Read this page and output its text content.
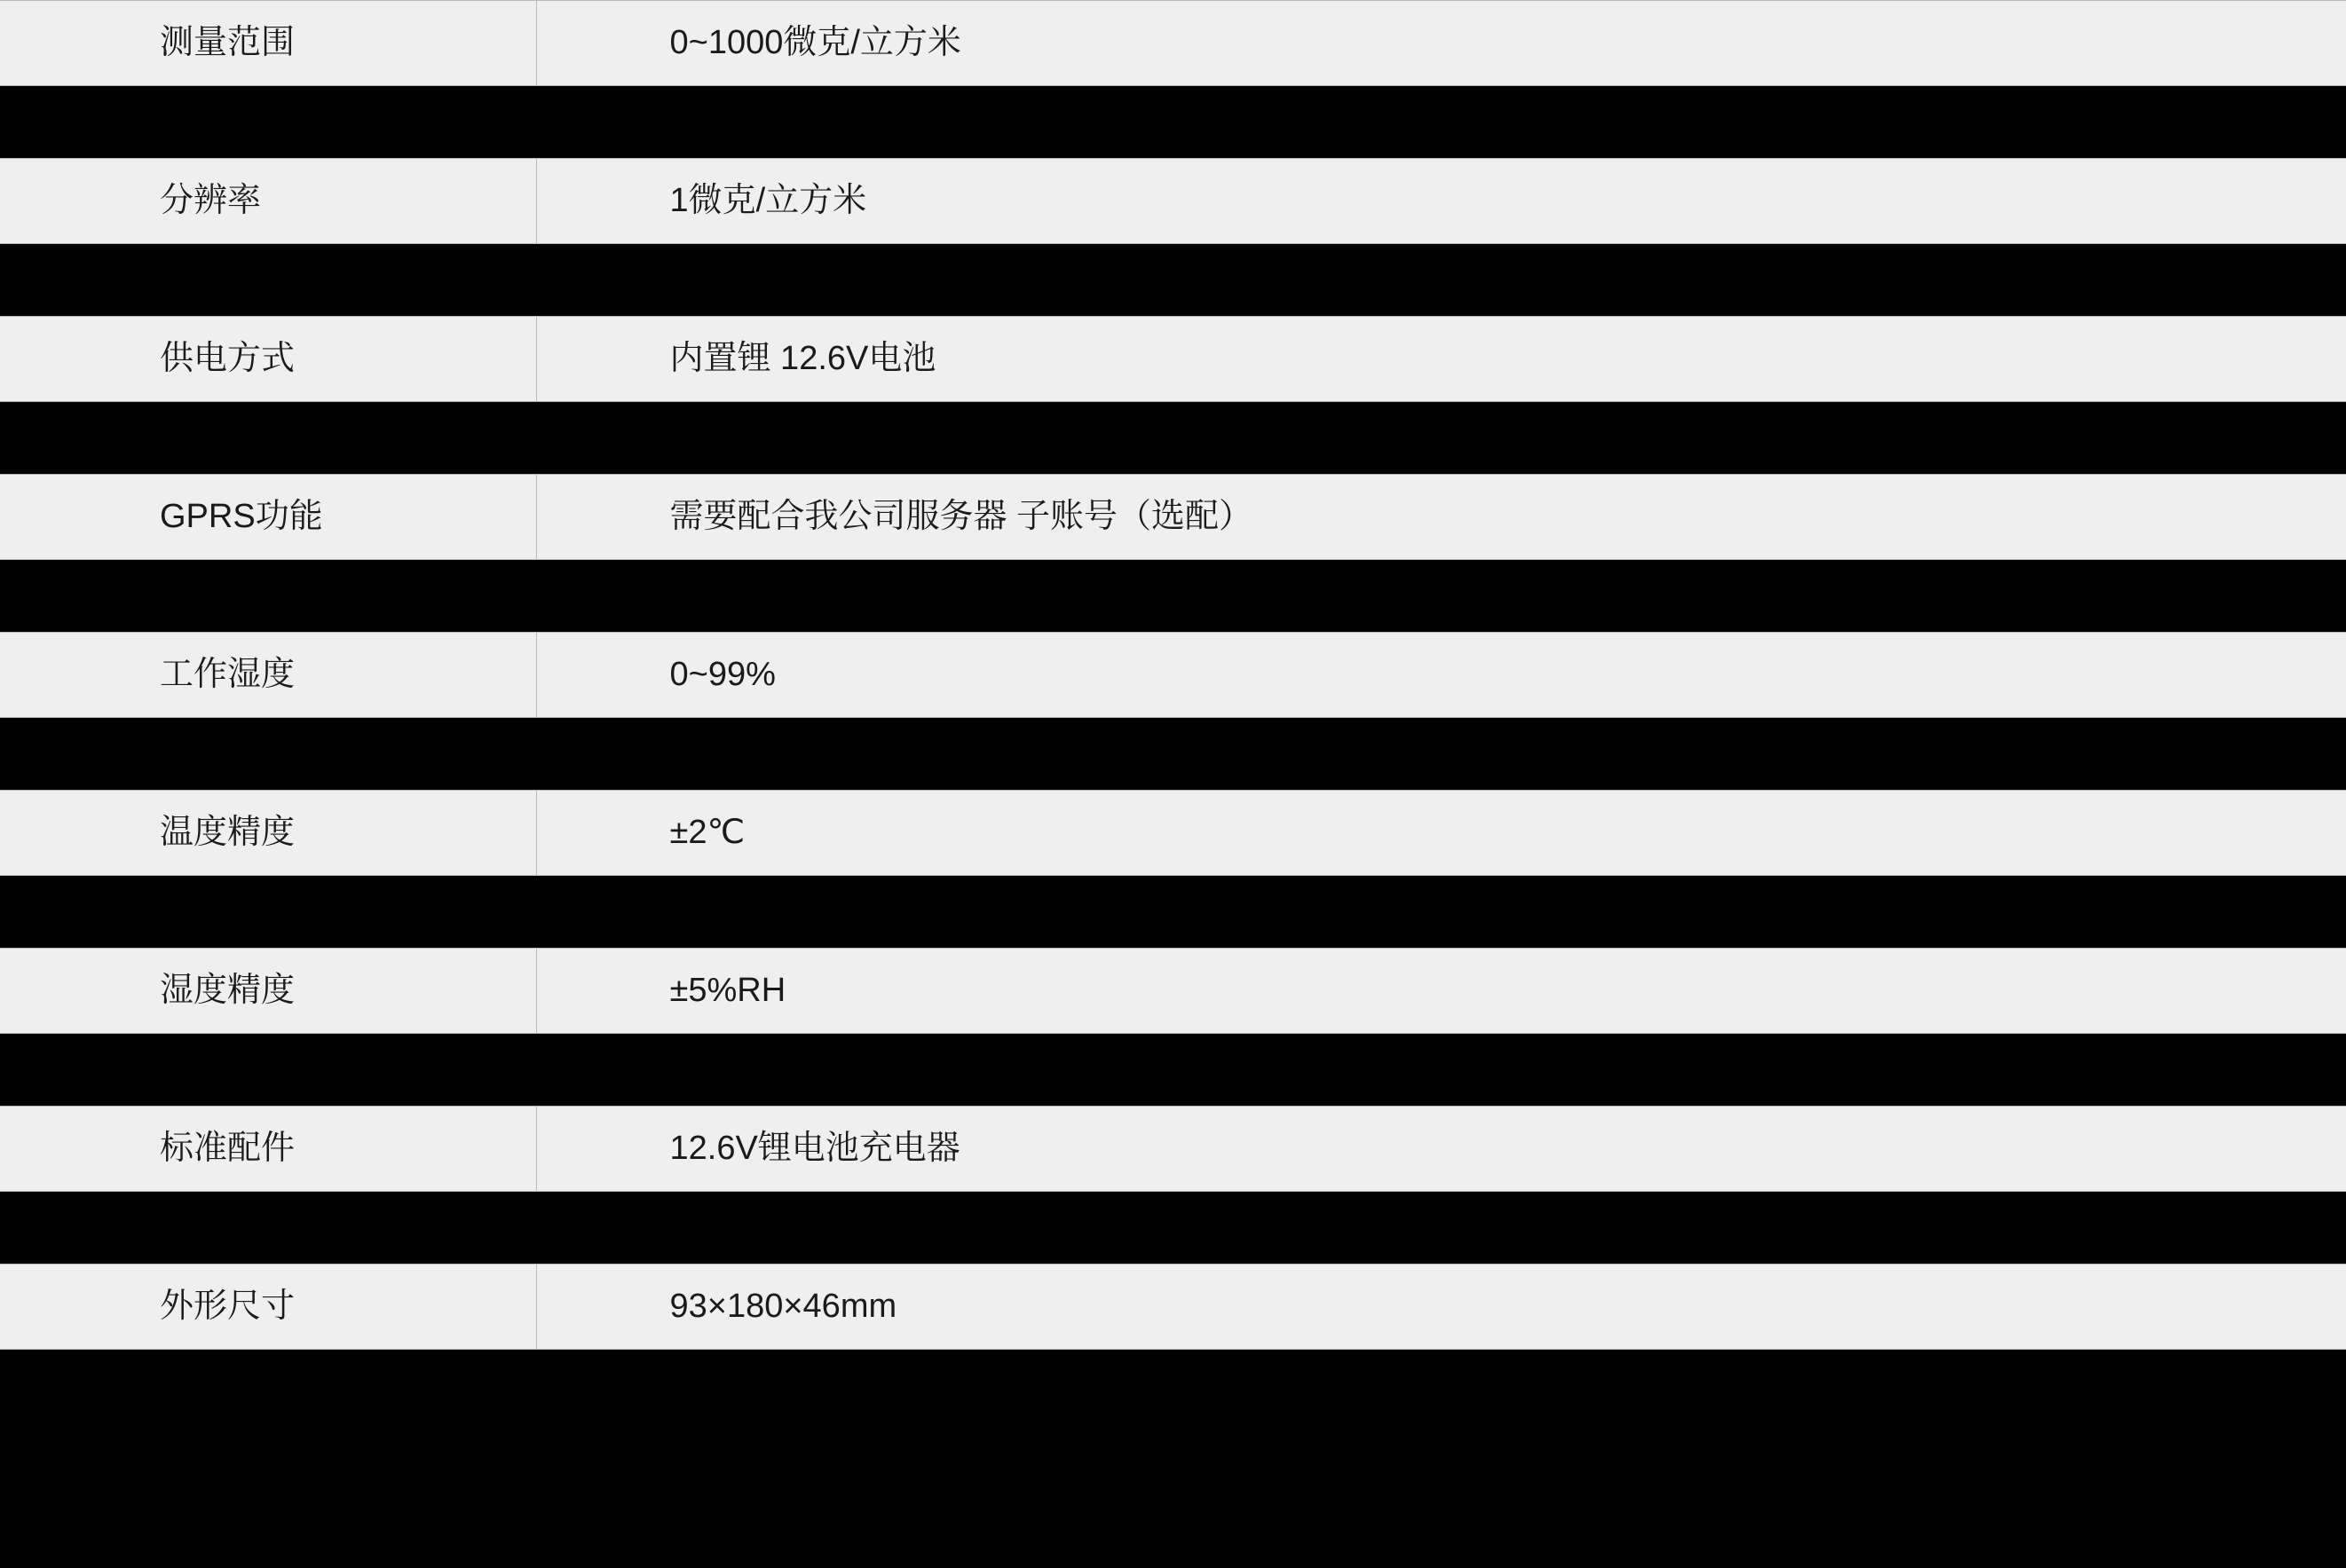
测量范围	0~1000微克/立方米

分辨率	1微克/立方米

供电方式	内置锂 12.6V电池

GPRS功能	需要配合我公司服务器 子账号（选配）

工作湿度	0~99%

温度精度	±2℃

湿度精度	±5%RH

标准配件	12.6V锂电池充电器

外形尺寸	93×180×46mm
